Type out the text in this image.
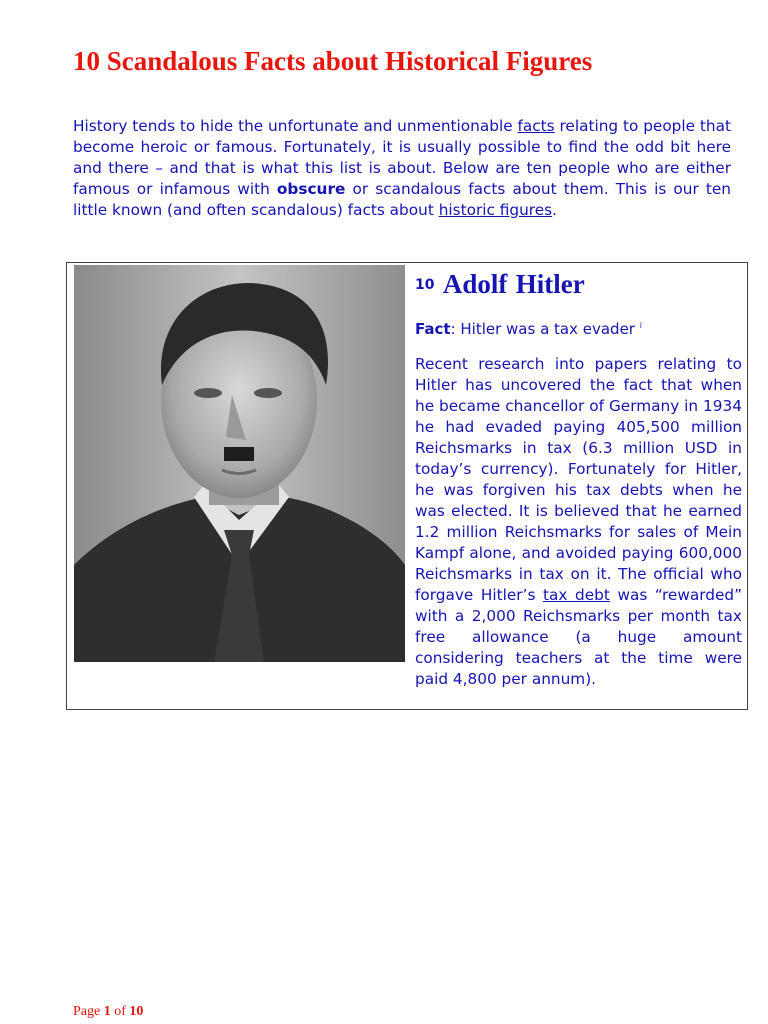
10 Scandalous Facts about Historical Figures

History tends to hide the unfortunate and unmentionable facts relating to people that become heroic or famous. Fortunately, it is usually possible to find the odd bit here and there – and that is what this list is about. Below are ten people who are either famous or infamous with obscure or scandalous facts about them. This is our ten little known (and often scandalous) facts about historic figures.

10 Adolf Hitler

Fact: Hitler was a tax evader $^i$

Recent research into papers relating to Hitler has uncovered the fact that when he became chancellor of Germany in 1934 he had evaded paying 405,500 million Reichsmarks in tax (6.3 million USD in today’s currency). Fortunately for Hitler, he was forgiven his tax debts when he was elected. It is believed that he earned 1.2 million Reichsmarks for sales of Mein Kampf alone, and avoided paying 600,000 Reichsmarks in tax on it. The official who forgave Hitler’s tax debt was “rewarded” with a 2,000 Reichsmarks per month tax free allowance (a huge amount considering teachers at the time were paid 4,800 per annum).

Page 1 of 10
